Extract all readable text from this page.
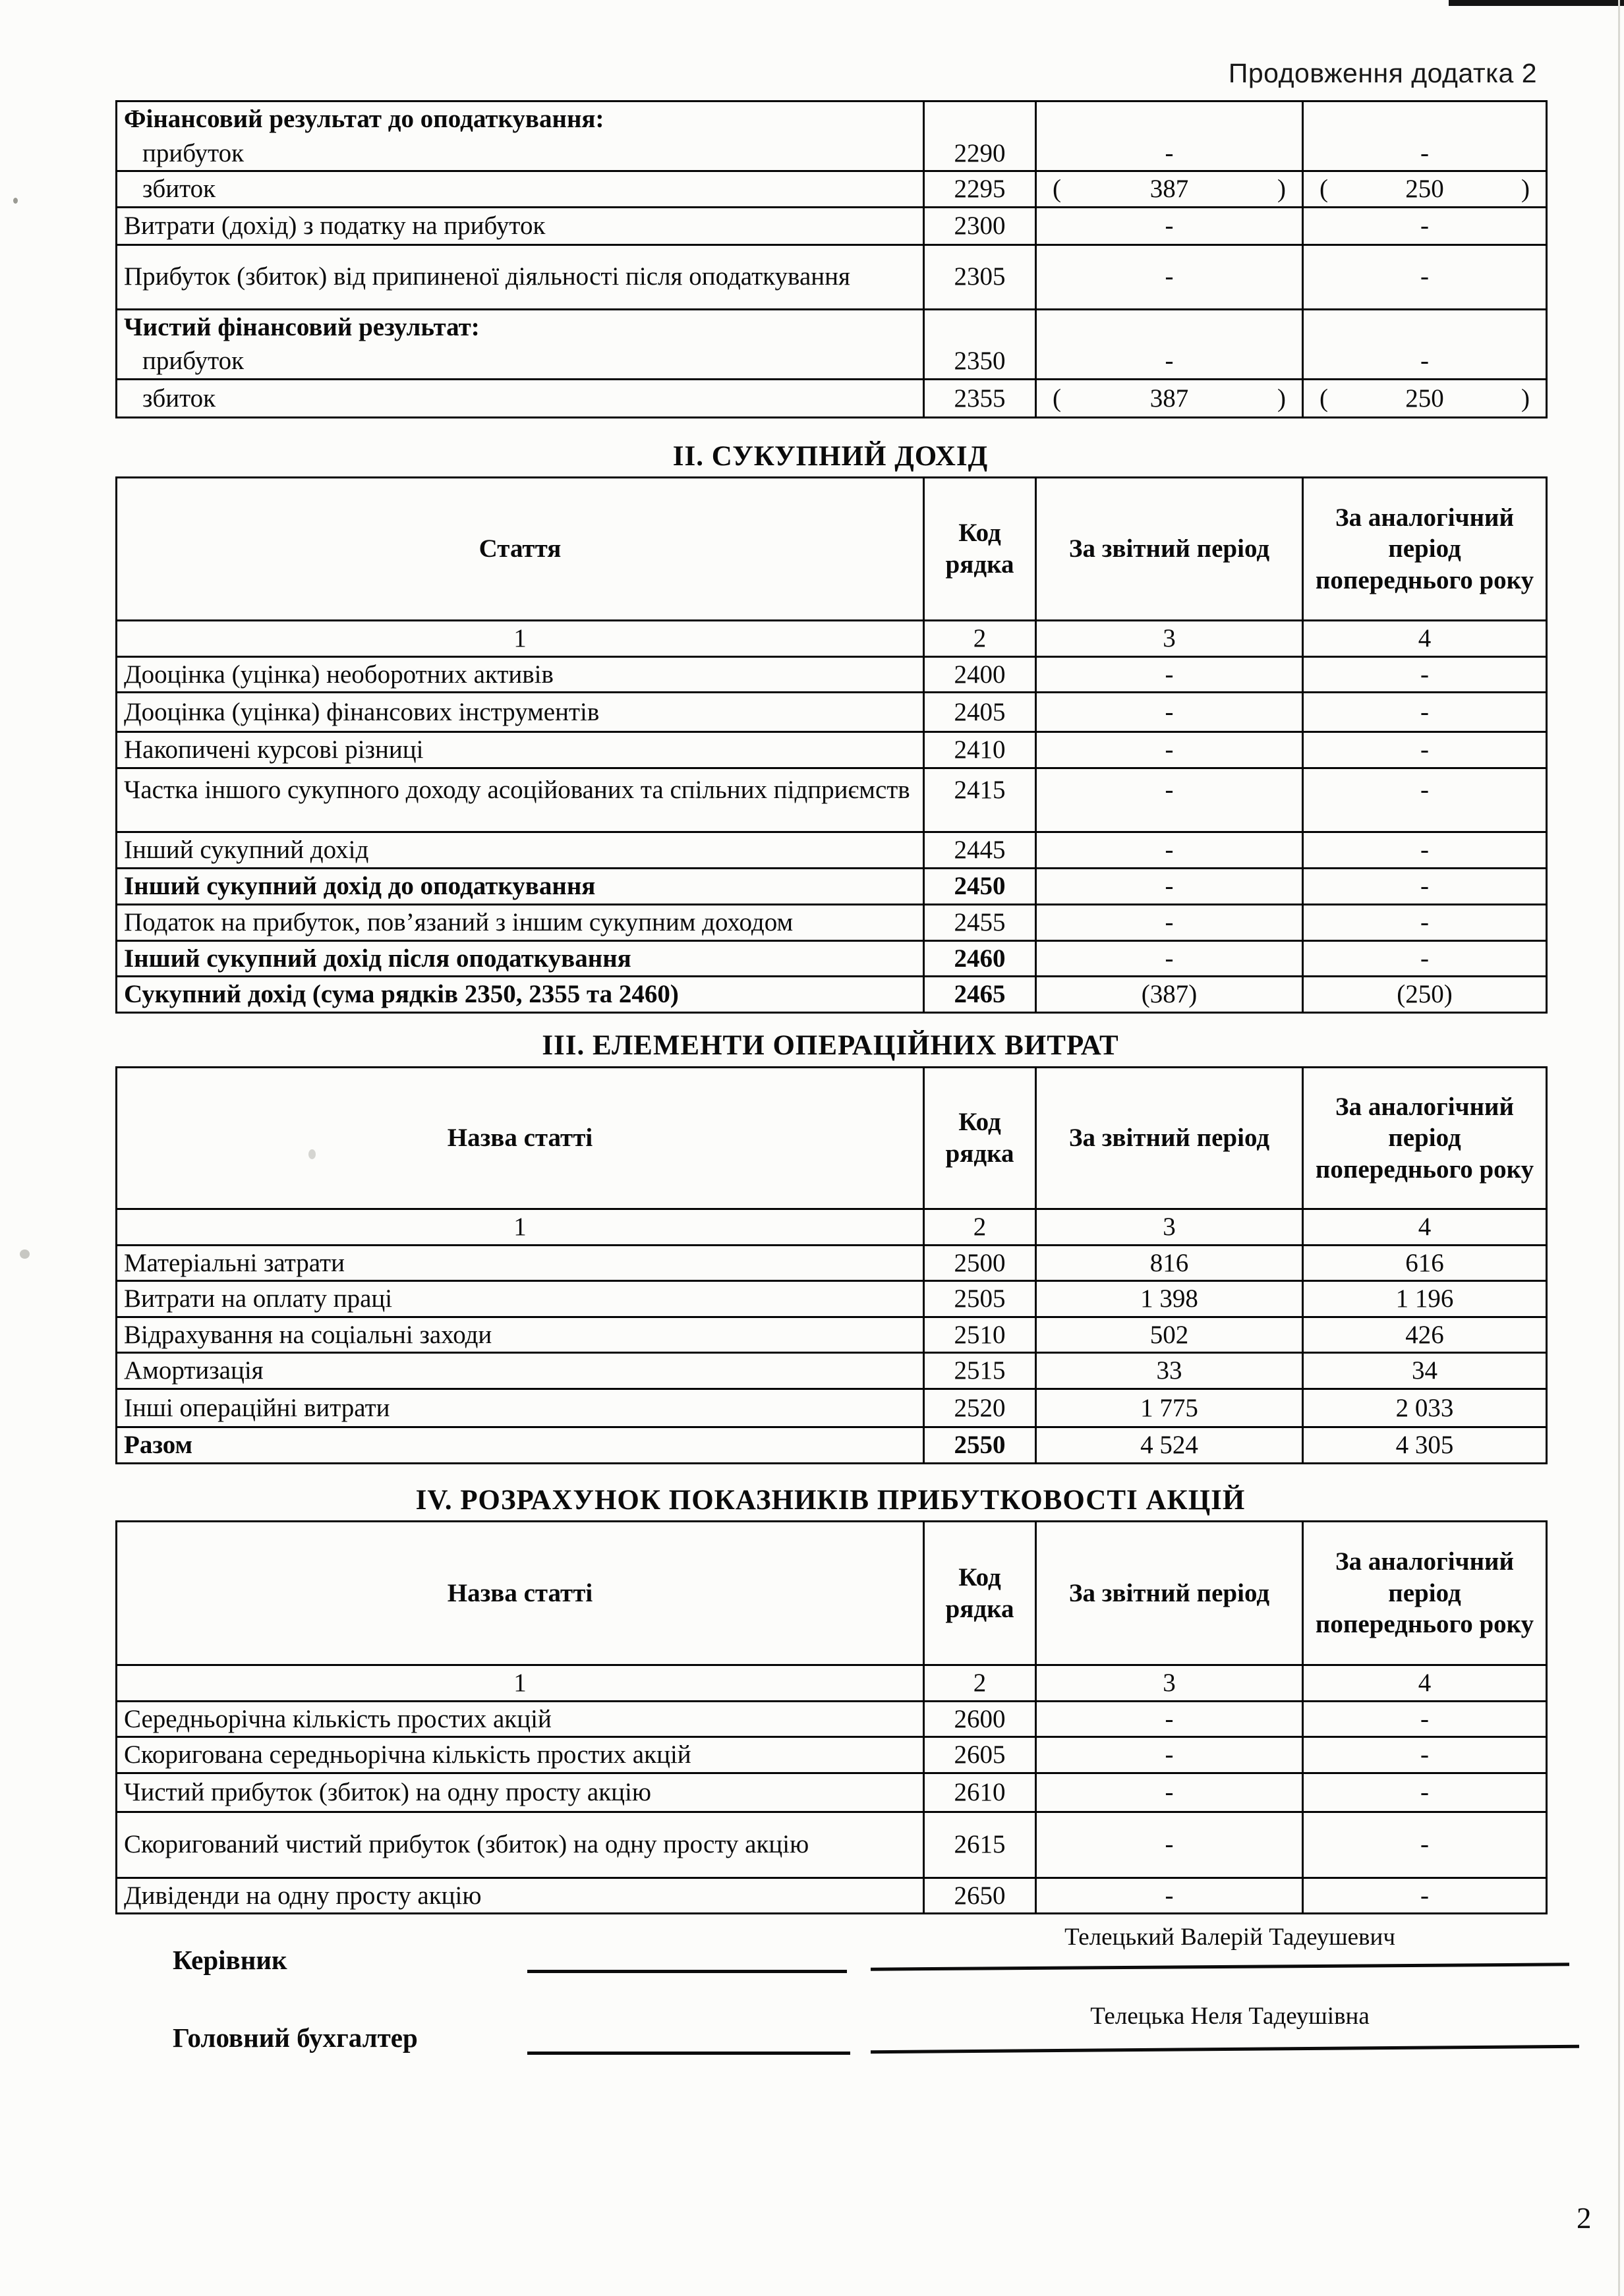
Продовження додатка 2
Фінансовий результат до оподаткування:			
прибуток	2290	-	-
збиток	2295	( 387 )	( 250 )

Витрати (дохід) з податку на прибуток	2300	-	-
Прибуток (збиток) від припиненої діяльності після оподаткування	2305	-	-
Чистий фінансовий результат:			
прибуток	2350	-	-
збиток	2355	( 387 )	( 250 )
II. СУКУПНИЙ ДОХІД
Стаття	Код рядка	За звітний період	За аналогічний період попереднього року
1	2	3	4
Дооцінка (уцінка) необоротних активів	2400	-	-
Дооцінка (уцінка) фінансових інструментів	2405	-	-
Накопичені курсові різниці	2410	-	-
Частка іншого сукупного доходу асоційованих та спільних підприємств	2415	-	-
Інший сукупний дохід	2445	-	-
Інший сукупний дохід до оподаткування	2450	-	-
Податок на прибуток, пов’язаний з іншим сукупним доходом	2455	-	-
Інший сукупний дохід після оподаткування	2460	-	-
Сукупний дохід (сума рядків 2350, 2355 та 2460)	2465	(387)	(250)
III. ЕЛЕМЕНТИ ОПЕРАЦІЙНИХ ВИТРАТ
Назва статті	Код рядка	За звітний період	За аналогічний період попереднього року
1	2	3	4
Матеріальні затрати	2500	816	616
Витрати на оплату праці	2505	1 398	1 196
Відрахування на соціальні заходи	2510	502	426
Амортизація	2515	33	34
Інші операційні витрати	2520	1 775	2 033
Разом	2550	4 524	4 305
IV. РОЗРАХУНОК ПОКАЗНИКІВ ПРИБУТКОВОСТІ АКЦІЙ
Назва статті	Код рядка	За звітний період	За аналогічний період попереднього року
1	2	3	4
Середньорічна кількість простих акцій	2600	-	-
Скоригована середньорічна кількість простих акцій	2605	-	-
Чистий прибуток (збиток) на одну просту акцію	2610	-	-
Скоригований чистий прибуток (збиток) на одну просту акцію	2615	-	-
Дивіденди на одну просту акцію	2650	-	-
Керівник
Телецький Валерій Тадеушевич
Головний бухгалтер
Телецька Неля Тадеушівна
2
